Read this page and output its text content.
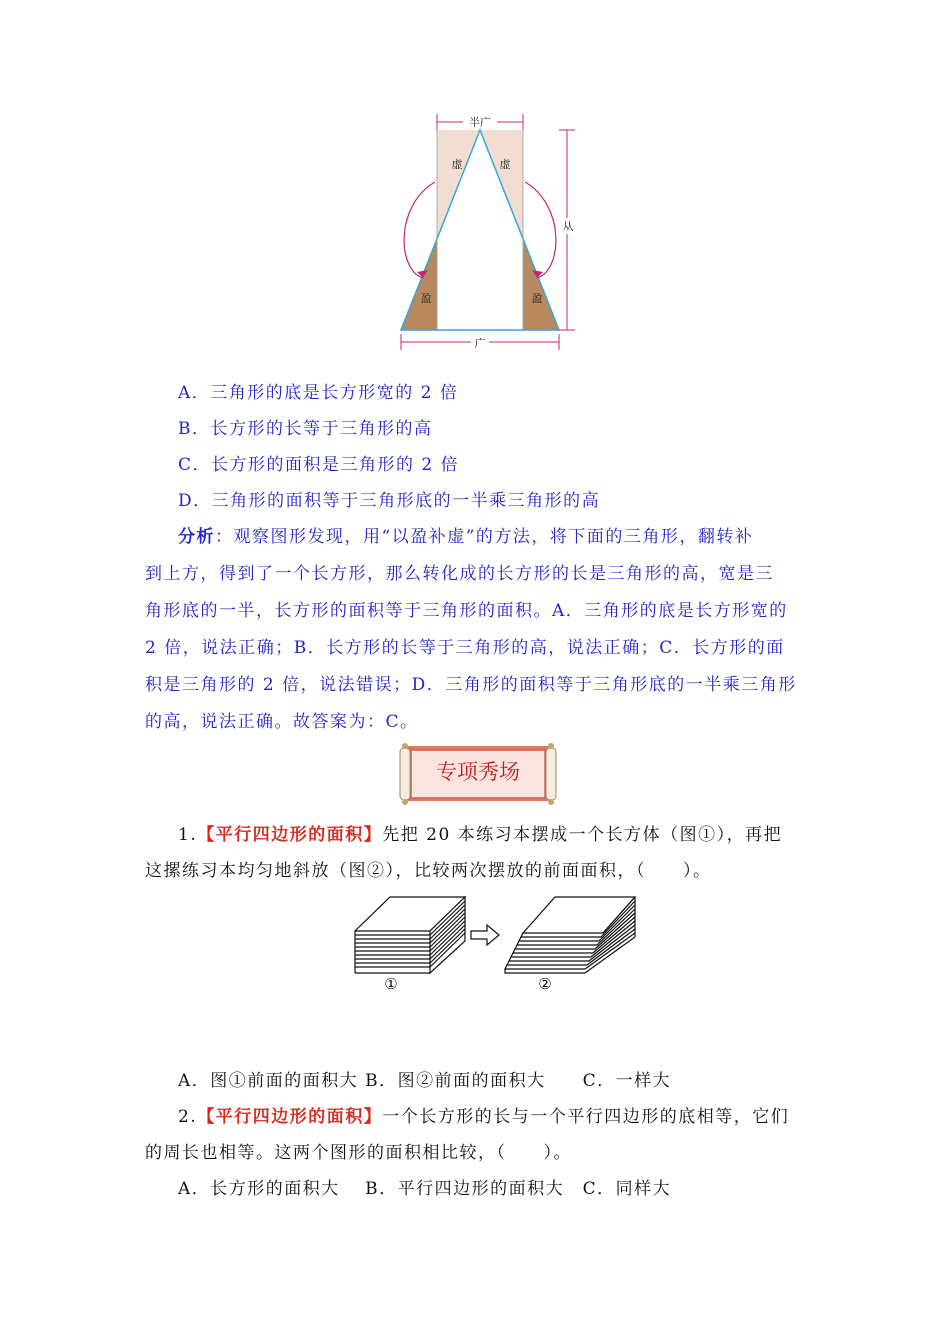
半广
虚	虚
盈	盈
从
广
A．三角形的底是长方形宽的 2 倍
B．长方形的长等于三角形的高
C．长方形的面积是三角形的 2 倍
D．三角形的面积等于三角形底的一半乘三角形的高
分析：观察图形发现，用“以盈补虚”的方法，将下面的三角形，翻转补
到上方，得到了一个长方形，那么转化成的长方形的长是三角形的高，宽是三
角形底的一半，长方形的面积等于三角形的面积。A．三角形的底是长方形宽的
2 倍，说法正确；B．长方形的长等于三角形的高，说法正确；C．长方形的面
积是三角形的 2 倍，说法错误；D．三角形的面积等于三角形底的一半乘三角形
的高，说法正确。故答案为：C。
专项秀场
1.【平行四边形的面积】先把 20 本练习本摆成一个长方体（图①），再把
这摞练习本均匀地斜放（图②），比较两次摆放的前面面积，（　　）。
①	②
A．图①前面的面积大 B．图②前面的面积大　　C．一样大
2.【平行四边形的面积】一个长方形的长与一个平行四边形的底相等，它们
的周长也相等。这两个图形的面积相比较，（　　）。
A．长方形的面积大　 B．平行四边形的面积大　C．同样大
